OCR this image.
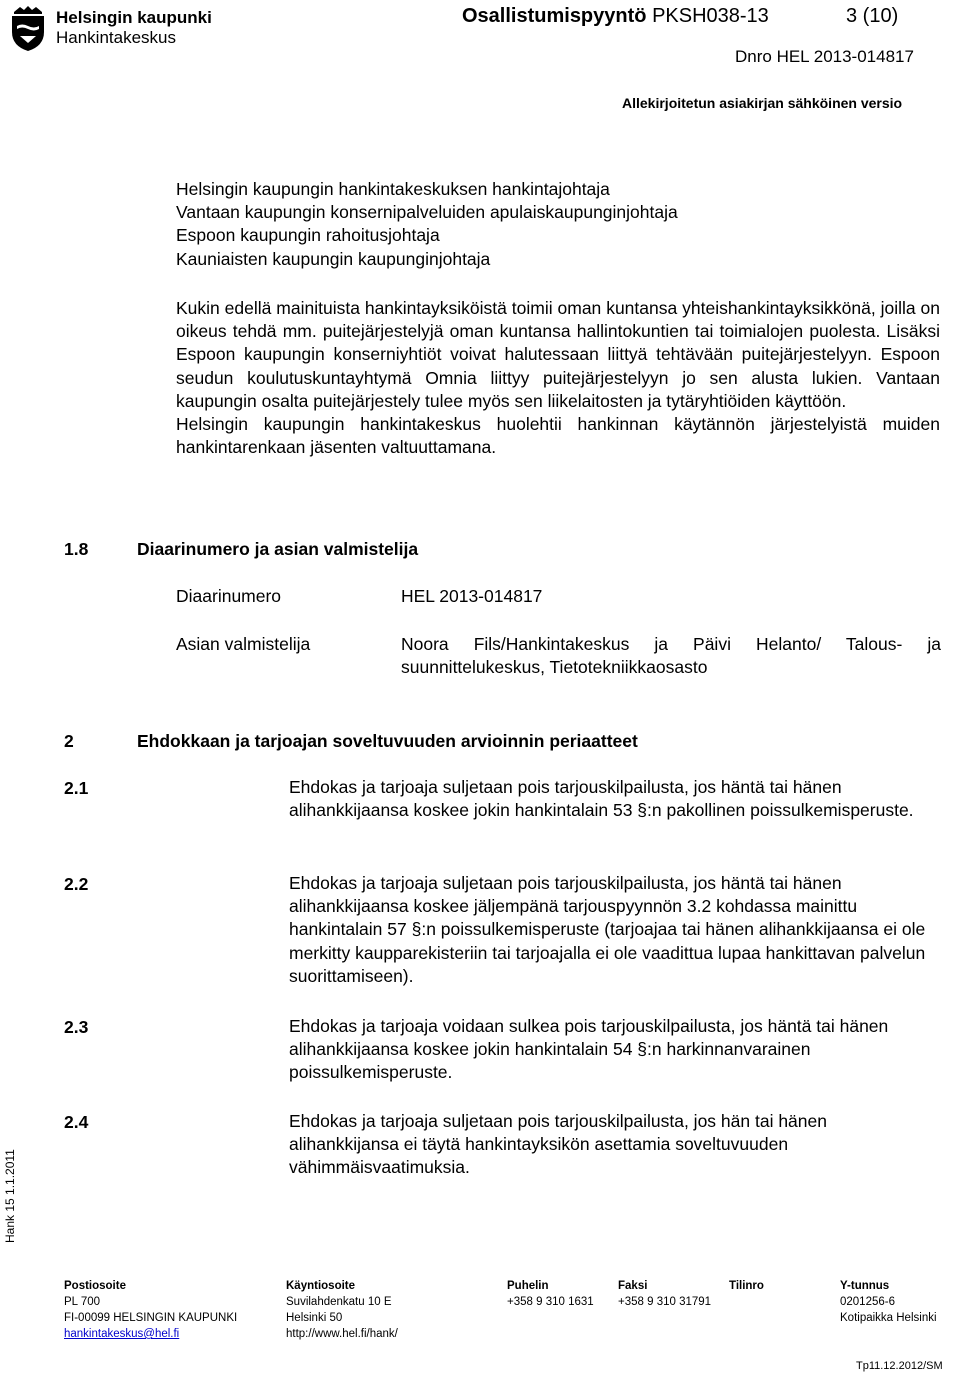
Helsingin kaupunki
Hankintakeskus
Osallistumispyyntö PKSH038-13	3 (10)
Dnro HEL 2013-014817
Allekirjoitetun asiakirjan sähköinen versio
Helsingin kaupungin hankintakeskuksen hankintajohtaja
Vantaan kaupungin konsernipalveluiden apulaiskaupunginjohtaja
Espoon kaupungin rahoitusjohtaja
Kauniaisten kaupungin kaupunginjohtaja

Kukin edellä mainituista hankintayksiköistä toimii oman kuntansa yhteishankintayksikkönä, joilla on oikeus tehdä mm. puitejärjestelyjä oman kuntansa hallintokuntien tai toimialojen puolesta. Lisäksi Espoon kaupungin konserniyhtiöt voivat halutessaan liittyä tehtävään puitejärjestelyyn. Espoon seudun koulutuskuntayhtymä Omnia liittyy puitejärjestelyyn jo sen alusta lukien. Vantaan kaupungin osalta puitejärjestely tulee myös sen liikelaitosten ja tytäryhtiöiden käyttöön.

Helsingin kaupungin hankintakeskus huolehtii hankinnan käytännön järjestelyistä muiden hankintarenkaan jäsenten valtuuttamana.

1.8	Diaarinumero ja asian valmistelija
Diaarinumero	HEL 2013-014817
Asian valmistelija	Noora Fils/Hankintakeskus ja Päivi Helanto/ Talous- ja suunnittelukeskus, Tietotekniikkaosasto
2	Ehdokkaan ja tarjoajan soveltuvuuden arvioinnin periaatteet
2.1	Ehdokas ja tarjoaja suljetaan pois tarjouskilpailusta, jos häntä tai hänen alihankkijaansa koskee jokin hankintalain 53 §:n pakollinen poissulkemisperuste.
2.2	Ehdokas ja tarjoaja suljetaan pois tarjouskilpailusta, jos häntä tai hänen alihankkijaansa koskee jäljempänä tarjouspyynnön 3.2 kohdassa mainittu hankintalain 57 §:n poissulkemisperuste (tarjoajaa tai hänen alihankkijaansa ei ole merkitty kaupparekisteriin tai tarjoajalla ei ole vaadittua lupaa hankittavan palvelun suorittamiseen).
2.3	Ehdokas ja tarjoaja voidaan sulkea pois tarjouskilpailusta, jos häntä tai hänen alihankkijaansa koskee jokin hankintalain 54 §:n harkinnanvarainen poissulkemisperuste.
2.4	Ehdokas ja tarjoaja suljetaan pois tarjouskilpailusta, jos hän tai hänen alihankkijansa ei täytä hankintayksikön asettamia soveltuvuuden vähimmäisvaatimuksia.
Hank 15 1.1.2011
Postiosoite
PL 700
FI-00099 HELSINGIN KAUPUNKI
hankintakeskus@hel.fi
Käyntiosoite
Suvilahdenkatu 10 E
Helsinki 50
http://www.hel.fi/hank/
Puhelin
+358 9 310 1631
Faksi
+358 9 310 31791
Tilinro	Y-tunnus
0201256-6
Kotipaikka Helsinki
Tp11.12.2012/SM
